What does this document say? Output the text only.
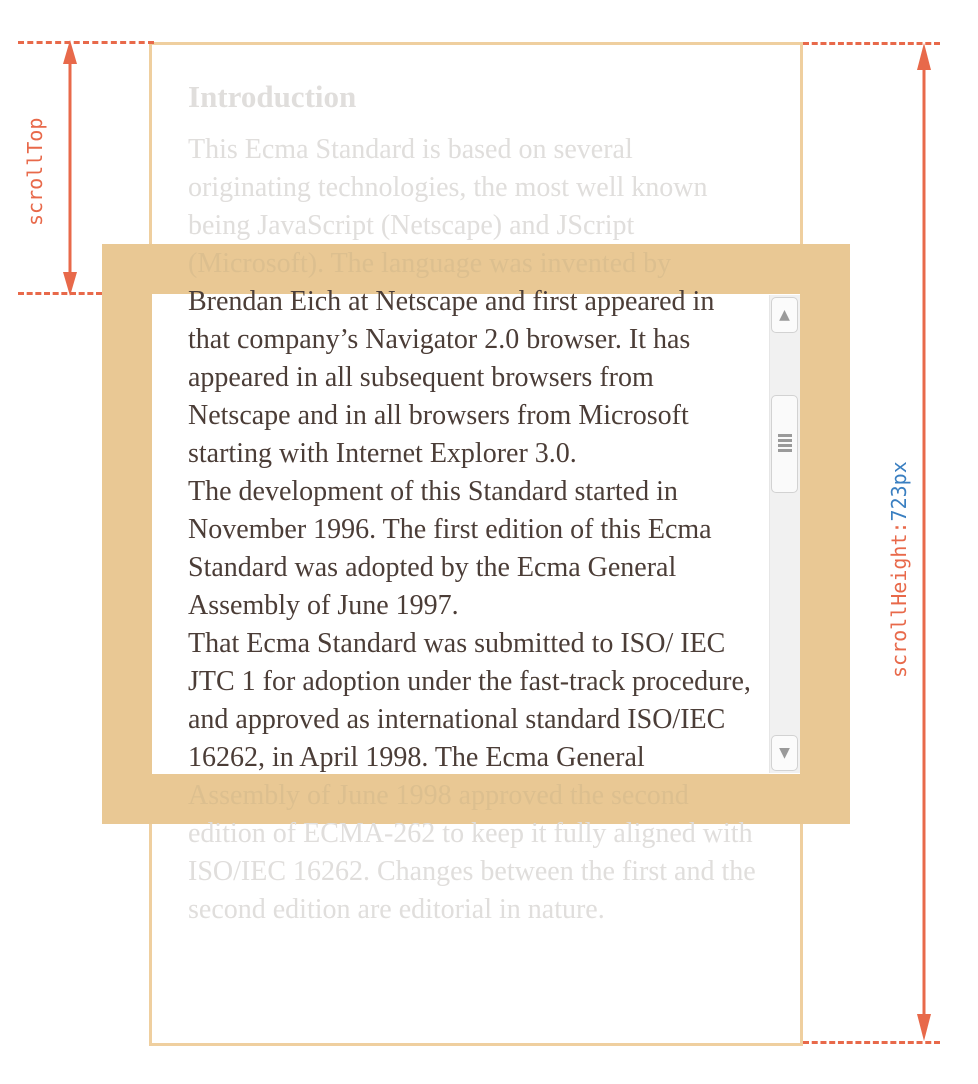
Introduction
This Ecma Standard is based on several
originating technologies, the most well known
being JavaScript (Netscape) and JScript
(Microsoft). The language was invented by
Brendan Eich at Netscape and first appeared in
that company’s Navigator 2.0 browser. It has
appeared in all subsequent browsers from
Netscape and in all browsers from Microsoft
starting with Internet Explorer 3.0.
The development of this Standard started in
November 1996. The first edition of this Ecma
Standard was adopted by the Ecma General
Assembly of June 1997.
That Ecma Standard was submitted to ISO/ IEC
JTC 1 for adoption under the fast-track procedure,
and approved as international standard ISO/IEC
16262, in April 1998. The Ecma General
Assembly of June 1998 approved the second
edition of ECMA-262 to keep it fully aligned with
ISO/IEC 16262. Changes between the first and the
second edition are editorial in nature.
▲
▼
scrollTop
scrollHeight:723px
